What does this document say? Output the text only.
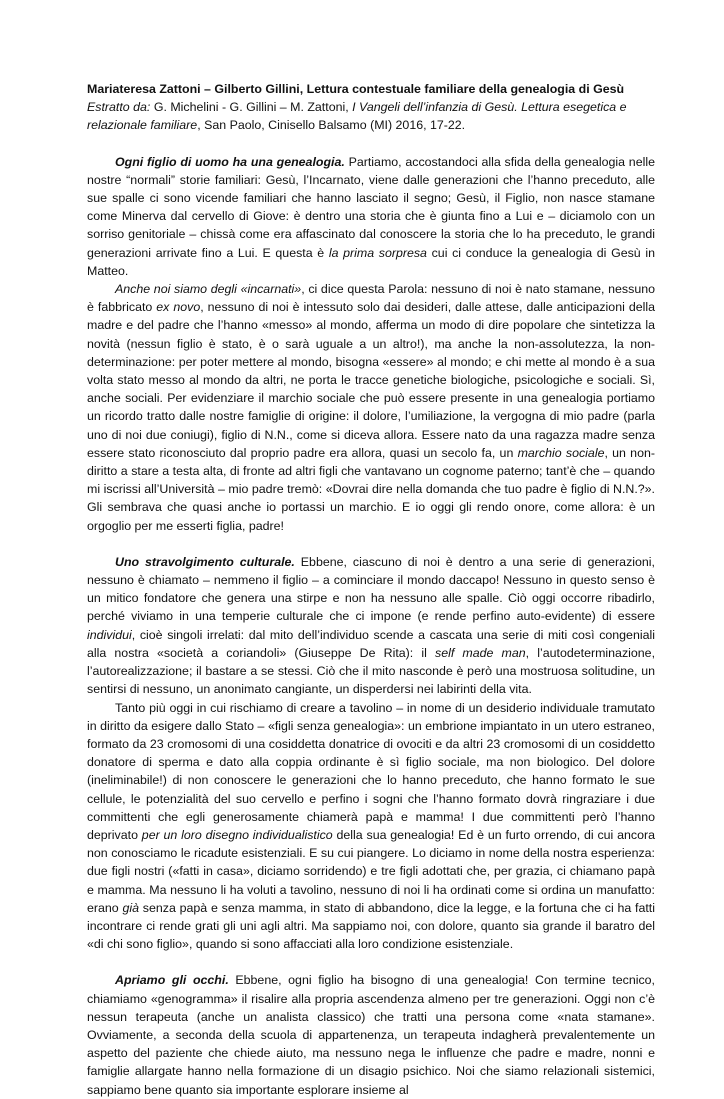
Mariateresa Zattoni – Gilberto Gillini, Lettura contestuale familiare della genealogia di Gesù

Estratto da: G. Michelini - G. Gillini – M. Zattoni, I Vangeli dell’infanzia di Gesù. Lettura esegetica e relazionale familiare, San Paolo, Cinisello Balsamo (MI) 2016, 17-22.

Ogni figlio di uomo ha una genealogia. Partiamo, accostandoci alla sfida della genealogia nelle nostre “normali” storie familiari: Gesù, l’Incarnato, viene dalle generazioni che l’hanno preceduto, alle sue spalle ci sono vicende familiari che hanno lasciato il segno; Gesù, il Figlio, non nasce stamane come Minerva dal cervello di Giove: è dentro una storia che è giunta fino a Lui e – diciamolo con un sorriso genitoriale – chissà come era affascinato dal conoscere la storia che lo ha preceduto, le grandi generazioni arrivate fino a Lui. E questa è la prima sorpresa cui ci conduce la genealogia di Gesù in Matteo.

Anche noi siamo degli «incarnati», ci dice questa Parola: nessuno di noi è nato stamane, nessuno è fabbricato ex novo, nessuno di noi è intessuto solo dai desideri, dalle attese, dalle anticipazioni della madre e del padre che l’hanno «messo» al mondo, afferma un modo di dire popolare che sintetizza la novità (nessun figlio è stato, è o sarà uguale a un altro!), ma anche la non-assolutezza, la non-determinazione: per poter mettere al mondo, bisogna «essere» al mondo; e chi mette al mondo è a sua volta stato messo al mondo da altri, ne porta le tracce genetiche biologiche, psicologiche e sociali. Sì, anche sociali. Per evidenziare il marchio sociale che può essere presente in una genealogia portiamo un ricordo tratto dalle nostre famiglie di origine: il dolore, l’umiliazione, la vergogna di mio padre (parla uno di noi due coniugi), figlio di N.N., come si diceva allora. Essere nato da una ragazza madre senza essere stato riconosciuto dal proprio padre era allora, quasi un secolo fa, un marchio sociale, un non-diritto a stare a testa alta, di fronte ad altri figli che vantavano un cognome paterno; tant’è che – quando mi iscrissi all’Università – mio padre tremò: «Dovrai dire nella domanda che tuo padre è figlio di N.N.?». Gli sembrava che quasi anche io portassi un marchio. E io oggi gli rendo onore, come allora: è un orgoglio per me esserti figlia, padre!

Uno stravolgimento culturale. Ebbene, ciascuno di noi è dentro a una serie di generazioni, nessuno è chiamato – nemmeno il figlio – a cominciare il mondo daccapo! Nessuno in questo senso è un mitico fondatore che genera una stirpe e non ha nessuno alle spalle. Ciò oggi occorre ribadirlo, perché viviamo in una temperie culturale che ci impone (e rende perfino auto-evidente) di essere individui, cioè singoli irrelati: dal mito dell’individuo scende a cascata una serie di miti così congeniali alla nostra «società a coriandoli» (Giuseppe De Rita): il self made man, l’autodeterminazione, l’autorealizzazione; il bastare a se stessi. Ciò che il mito nasconde è però una mostruosa solitudine, un sentirsi di nessuno, un anonimato cangiante, un disperdersi nei labirinti della vita.

Tanto più oggi in cui rischiamo di creare a tavolino – in nome di un desiderio individuale tramutato in diritto da esigere dallo Stato – «figli senza genealogia»: un embrione impiantato in un utero estraneo, formato da 23 cromosomi di una cosiddetta donatrice di ovociti e da altri 23 cromosomi di un cosiddetto donatore di sperma e dato alla coppia ordinante è sì figlio sociale, ma non biologico. Del dolore (ineliminabile!) di non conoscere le generazioni che lo hanno preceduto, che hanno formato le sue cellule, le potenzialità del suo cervello e perfino i sogni che l’hanno formato dovrà ringraziare i due committenti che egli generosamente chiamerà papà e mamma! I due committenti però l’hanno deprivato per un loro disegno individualistico della sua genealogia! Ed è un furto orrendo, di cui ancora non conosciamo le ricadute esistenziali. E su cui piangere. Lo diciamo in nome della nostra esperienza: due figli nostri («fatti in casa», diciamo sorridendo) e tre figli adottati che, per grazia, ci chiamano papà e mamma. Ma nessuno li ha voluti a tavolino, nessuno di noi li ha ordinati come si ordina un manufatto: erano già senza papà e senza mamma, in stato di abbandono, dice la legge, e la fortuna che ci ha fatti incontrare ci rende grati gli uni agli altri. Ma sappiamo noi, con dolore, quanto sia grande il baratro del «di chi sono figlio», quando si sono affacciati alla loro condizione esistenziale.

Apriamo gli occhi. Ebbene, ogni figlio ha bisogno di una genealogia! Con termine tecnico, chiamiamo «genogramma» il risalire alla propria ascendenza almeno per tre generazioni. Oggi non c’è nessun terapeuta (anche un analista classico) che tratti una persona come «nata stamane». Ovviamente, a seconda della scuola di appartenenza, un terapeuta indagherà prevalentemente un aspetto del paziente che chiede aiuto, ma nessuno nega le influenze che padre e madre, nonni e famiglie allargate hanno nella formazione di un disagio psichico. Noi che siamo relazionali sistemici, sappiamo bene quanto sia importante esplorare insieme al
